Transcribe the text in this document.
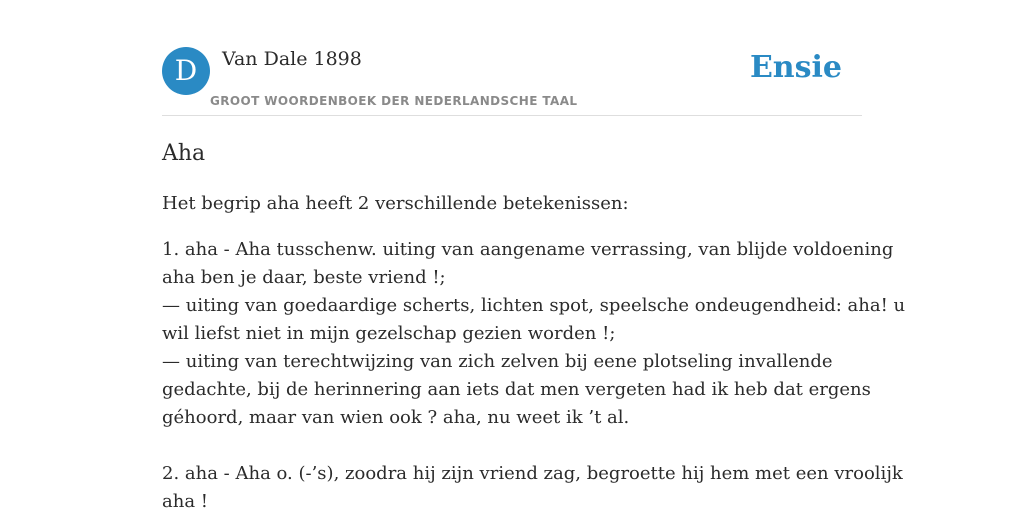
D	Van Dale 1898
GROOT WOORDENBOEK DER NEDERLANDSCHE TAAL
Ensie
Aha

Het begrip aha heeft 2 verschillende betekenissen:

1. aha - Aha tusschenw. uiting van aangename verrassing, van blijde voldoening
aha ben je daar, beste vriend !;
— uiting van goedaardige scherts, lichten spot, speelsche ondeugendheid: aha! u
wil liefst niet in mijn gezelschap gezien worden !;
— uiting van terechtwijzing van zich zelven bij eene plotseling invallende
gedachte, bij de herinnering aan iets dat men vergeten had ik heb dat ergens
géhoord, maar van wien ook ? aha, nu weet ik ’t al.

2. aha - Aha o. (-’s), zoodra hij zijn vriend zag, begroette hij hem met een vroolijk
aha !
